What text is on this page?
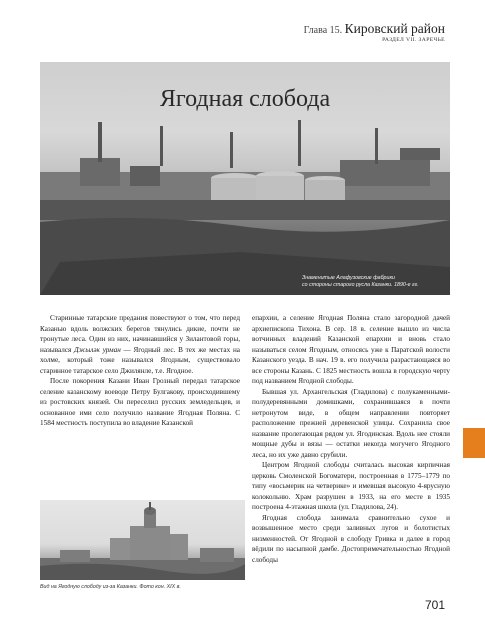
Глава 15. Кировский район
РАЗДЕЛ VII. ЗАРЕЧЬЕ
Ягодная слобода
Знаменитые Алафузовские фабрики
со стороны старого русла Казанки. 1890-е гг.

Старинные татарские предания повествуют о том, что перед Казанью вдоль волжских берегов тянулись дикие, почти не тронутые леса. Один из них, начинавшийся у Зилантовой горы, назывался Джыләк урман — Ягодный лес. В тех же местах на холме, который тоже назывался Ягодным, существовало старинное татарское село Джилянле, т.е. Ягодное.

После покорения Казани Иван Грозный передал татарское селение казанскому воеводе Петру Булгакову, происходившему из ростовских князей. Он переселил русских земледельцев, и основанное ими село получило название Ягодная Поляна. С 1584 местность поступила во владение Казанской

Вид на Ягодную слободу из-за Казанки. Фото кон. XIX в.

епархии, а селение Ягодная Поляна стало загородной дачей архиепископа Тихона. В сер. 18 в. селение вышло из числа вотчинных владений Казанской епархии и вновь стало называться селом Ягодным, относясь уже к Паратской волости Казанского уезда. В нач. 19 в. его получила разрастающаяся во все стороны Казань. С 1825 местность вошла в городскую черту под названием Ягодной слободы.

Бывшая ул. Архангельская (Гладилова) с полукаменными-полудеревянными домишками, сохранившаяся в почти нетронутом виде, в общем направлении повторяет расположение прежней деревенской улицы. Сохранила свое название пролегающая рядом ул. Ягодинская. Вдоль нее стояли мощные дубы и вязы — остатки некогда могучего Ягодного леса, но их уже давно срубили.

Центром Ягодной слободы считалась высокая кирпичная церковь Смоленской Богоматери, построенная в 1775–1779 по типу «восьмерик на четверике» и имевшая высокую 4-ярусную колокольню. Храм разрушен в 1933, на его месте в 1935 построена 4-этажная школа (ул. Гладилова, 24).

Ягодная слобода занимала сравнительно сухое и возвышенное место среди заливных лугов и болотистых низменностей. От Ягодной в слободу Гривка и далее в город вёдили по насыпной дамбе. Достопримечательностью Ягодной слободы

701
